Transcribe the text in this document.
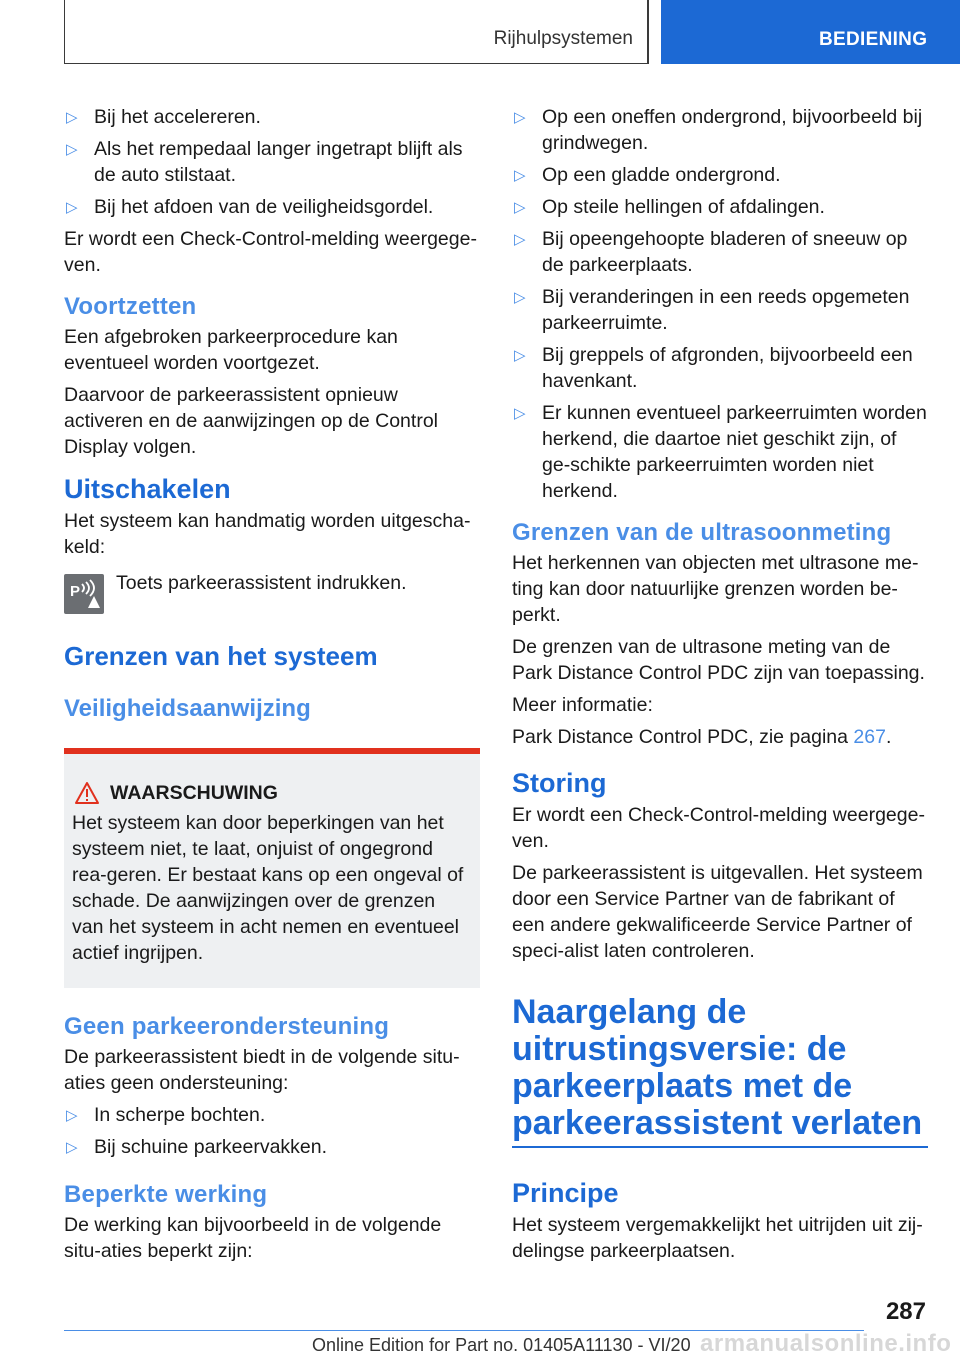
Rijhulpsystemen	BEDIENING
▷ Bij het accelereren.
▷ Als het rempedaal langer ingetrapt blijft als de auto stilstaat.
▷ Bij het afdoen van de veiligheidsgordel.

Er wordt een Check-Control-melding weergege-ven.

Voortzetten

Een afgebroken parkeerprocedure kan eventueel worden voortgezet.

Daarvoor de parkeerassistent opnieuw activeren en de aanwijzingen op de Control Display volgen.

Uitschakelen

Het systeem kan handmatig worden uitgescha-keld:

P Toets parkeerassistent indrukken.

Grenzen van het systeem
Veiligheidsaanwijzing
WAARSCHUWING

Het systeem kan door beperkingen van het systeem niet, te laat, onjuist of ongegrond rea-geren. Er bestaat kans op een ongeval of schade. De aanwijzingen over de grenzen van het systeem in acht nemen en eventueel actief ingrijpen.

Geen parkeerondersteuning

De parkeerassistent biedt in de volgende situ-aties geen ondersteuning:

▷ In scherpe bochten.
▷ Bij schuine parkeervakken.
Beperkte werking

De werking kan bijvoorbeeld in de volgende situ-aties beperkt zijn:

▷ Op een oneffen ondergrond, bijvoorbeeld bij grindwegen.
▷ Op een gladde ondergrond.
▷ Op steile hellingen of afdalingen.
▷ Bij opeengehoopte bladeren of sneeuw op de parkeerplaats.
▷ Bij veranderingen in een reeds opgemeten parkeerruimte.
▷ Bij greppels of afgronden, bijvoorbeeld een havenkant.
▷ Er kunnen eventueel parkeerruimten worden herkend, die daartoe niet geschikt zijn, of ge-schikte parkeerruimten worden niet herkend.
Grenzen van de ultrasoonmeting

Het herkennen van objecten met ultrasone me-ting kan door natuurlijke grenzen worden be-perkt.

De grenzen van de ultrasone meting van de Park Distance Control PDC zijn van toepassing.

Meer informatie:

Park Distance Control PDC, zie pagina 267.

Storing

Er wordt een Check-Control-melding weergege-ven.

De parkeerassistent is uitgevallen. Het systeem door een Service Partner van de fabrikant of een andere gekwalificeerde Service Partner of speci-alist laten controleren.

Naargelang de uitrustingsversie: de parkeerplaats met de parkeerassistent verlaten
Principe

Het systeem vergemakkelijkt het uitrijden uit zij-delingse parkeerplaatsen.

287
Online Edition for Part no. 01405A11130 - VI/20 armanualsonline.info
